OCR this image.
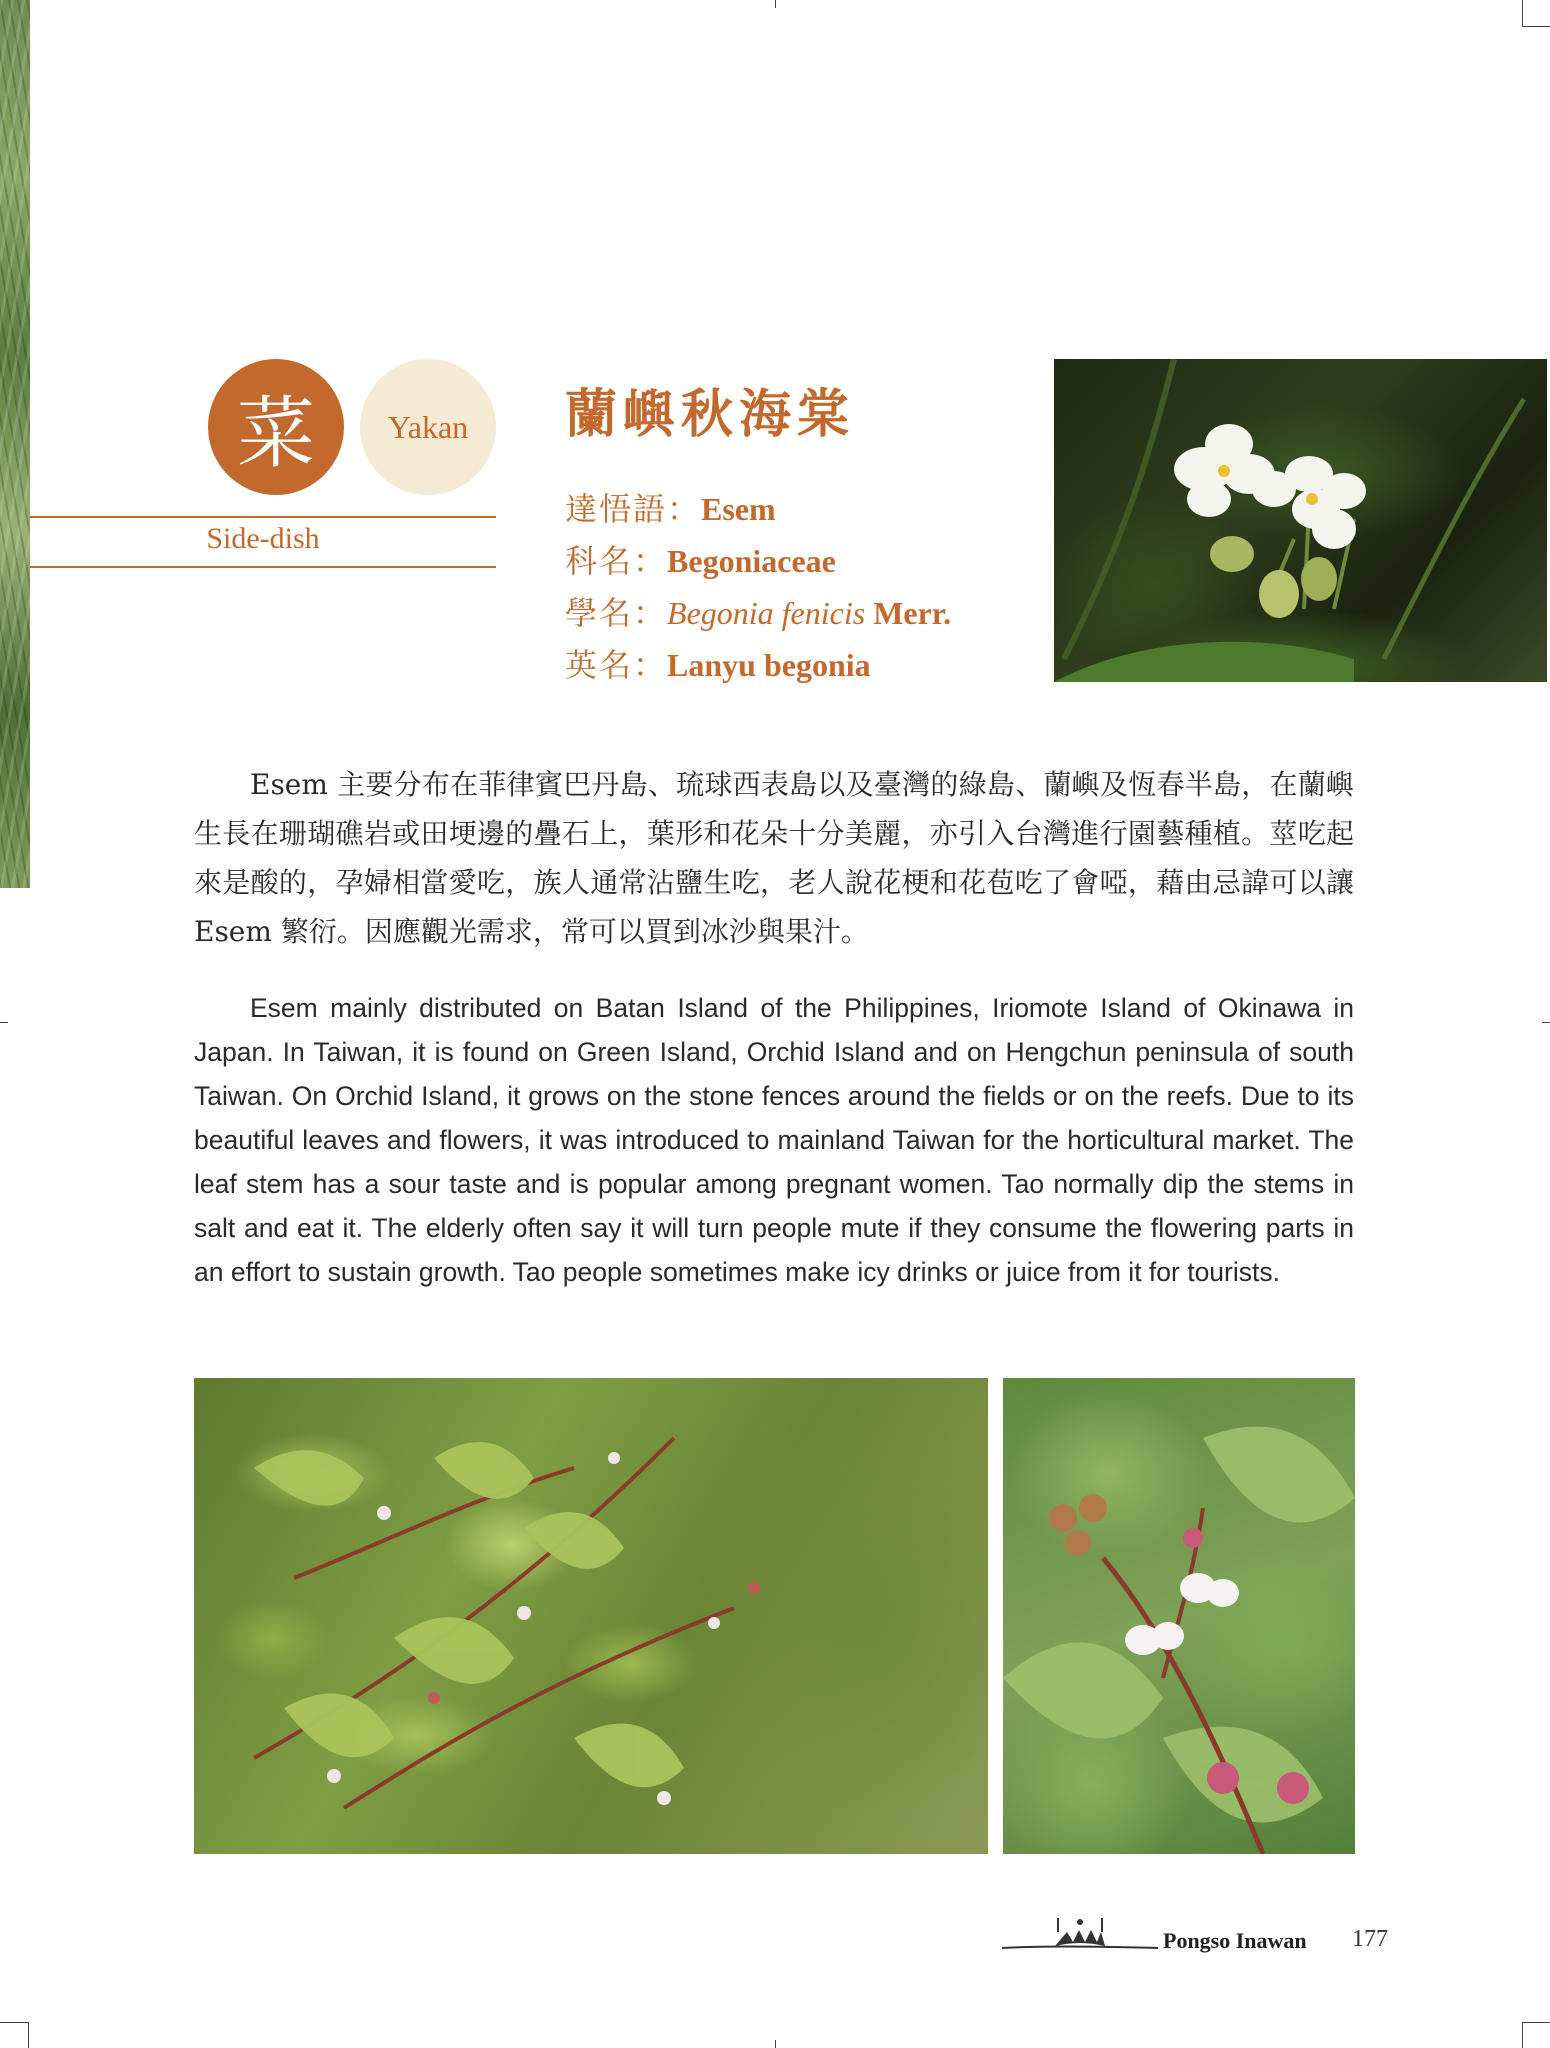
菜 Yakan
Side-dish
蘭嶼秋海棠
達悟語：Esem
科名：Begoniaceae
學名：Begonia fenicis Merr.
英名：Lanyu begonia
Esem 主要分布在菲律賓巴丹島、琉球西表島以及臺灣的綠島、蘭嶼及恆春半島，在蘭嶼生長在珊瑚礁岩或田埂邊的疊石上，葉形和花朵十分美麗，亦引入台灣進行園藝種植。莖吃起來是酸的，孕婦相當愛吃，族人通常沾鹽生吃，老人說花梗和花苞吃了會啞，藉由忌諱可以讓 Esem 繁衍。因應觀光需求，常可以買到冰沙與果汁。
Esem mainly distributed on Batan Island of the Philippines, Iriomote Island of Okinawa in Japan. In Taiwan, it is found on Green Island, Orchid Island and on Hengchun peninsula of south Taiwan. On Orchid Island, it grows on the stone fences around the fields or on the reefs. Due to its beautiful leaves and flowers, it was introduced to mainland Taiwan for the horticultural market. The leaf stem has a sour taste and is popular among pregnant women. Tao normally dip the stems in salt and eat it. The elderly often say it will turn people mute if they consume the flowering parts in an effort to sustain growth. Tao people sometimes make icy drinks or juice from it for tourists.
Pongso Inawan 177
